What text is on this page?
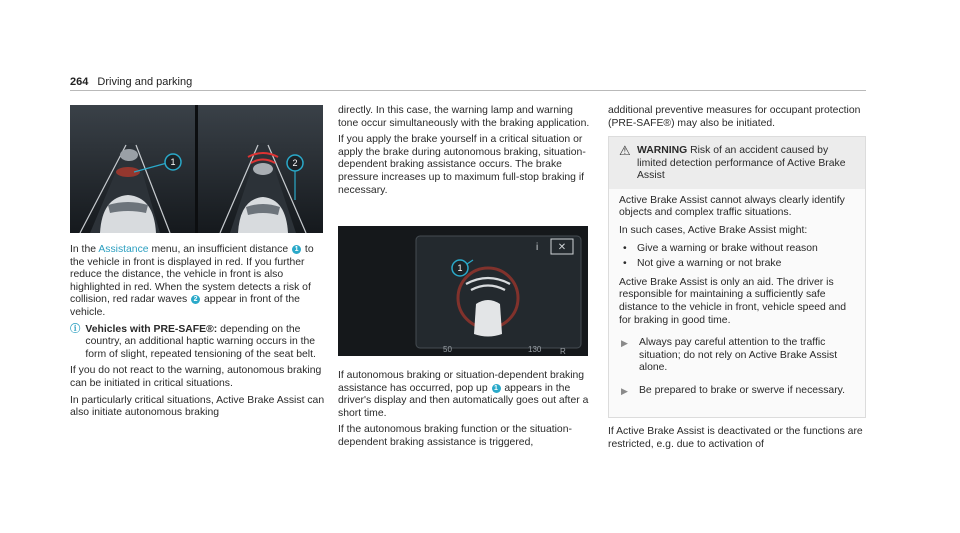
264 Driving and parking
1	2

In the Assistance menu, an insufficient distance 1 to the vehicle in front is displayed in red. If you further reduce the distance, the vehicle in front is also highlighted in red. When the system detects a risk of collision, red radar waves 2 appear in front of the vehicle.

ⓘ Vehicles with PRE-SAFE®: depending on the country, an additional haptic warning occurs in the form of slight, repeated tensioning of the seat belt.

If you do not react to the warning, autonomous braking can be initiated in critical situations.

In particularly critical situations, Active Brake Assist can also initiate autonomous braking

directly. In this case, the warning lamp and warning tone occur simultaneously with the braking application.

If you apply the brake yourself in a critical situation or apply the brake during autonomous braking, situation-dependent braking assistance occurs. The brake pressure increases up to maximum full-stop braking if necessary.

i ✕
1
50	130 R

If autonomous braking or situation-dependent braking assistance has occurred, pop up 1 appears in the driver's display and then automatically goes out after a short time.

If the autonomous braking function or the situation-dependent braking assistance is triggered,

additional preventive measures for occupant protection (PRE-SAFE®) may also be initiated.

⚠ WARNING Risk of an accident caused by limited detection performance of Active Brake Assist

Active Brake Assist cannot always clearly identify objects and complex traffic situations.

In such cases, Active Brake Assist might:

• Give a warning or brake without reason
• Not give a warning or not brake

Active Brake Assist is only an aid. The driver is responsible for maintaining a sufficiently safe distance to the vehicle in front, vehicle speed and for braking in good time.

▶	Always pay careful attention to the traffic situation; do not rely on Active Brake Assist alone.
▶	Be prepared to brake or swerve if necessary.

If Active Brake Assist is deactivated or the functions are restricted, e.g. due to activation of
